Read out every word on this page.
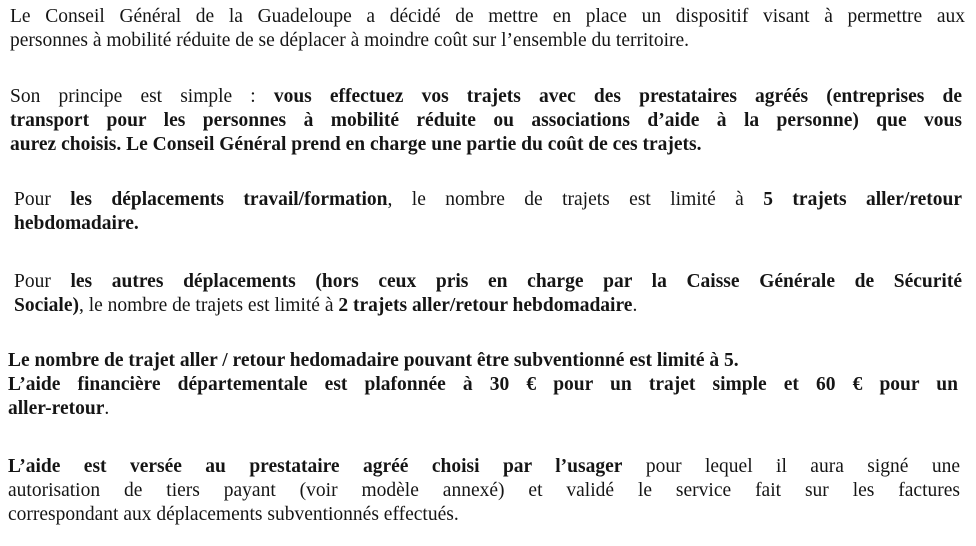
Le Conseil Général de la Guadeloupe a décidé de mettre en place un dispositif visant à permettre aux
personnes à mobilité réduite de se déplacer à moindre coût sur l’ensemble du territoire.
Son principe est simple : vous effectuez vos trajets avec des prestataires agréés (entreprises de
transport pour les personnes à mobilité réduite ou associations d’aide à la personne) que vous
aurez choisis. Le Conseil Général prend en charge une partie du coût de ces trajets.
Pour les déplacements travail/formation, le nombre de trajets est limité à 5 trajets aller/retour
hebdomadaire.
Pour les autres déplacements (hors ceux pris en charge par la Caisse Générale de Sécurité
Sociale), le nombre de trajets est limité à 2 trajets aller/retour hebdomadaire.
Le nombre de trajet aller / retour hedomadaire pouvant être subventionné est limité à 5.
L’aide financière départementale est plafonnée à 30 € pour un trajet simple et 60 € pour un
aller-retour.
L’aide est versée au prestataire agréé choisi par l’usager pour lequel il aura signé une
autorisation de tiers payant (voir modèle annexé) et validé le service fait sur les factures
correspondant aux déplacements subventionnés effectués.
